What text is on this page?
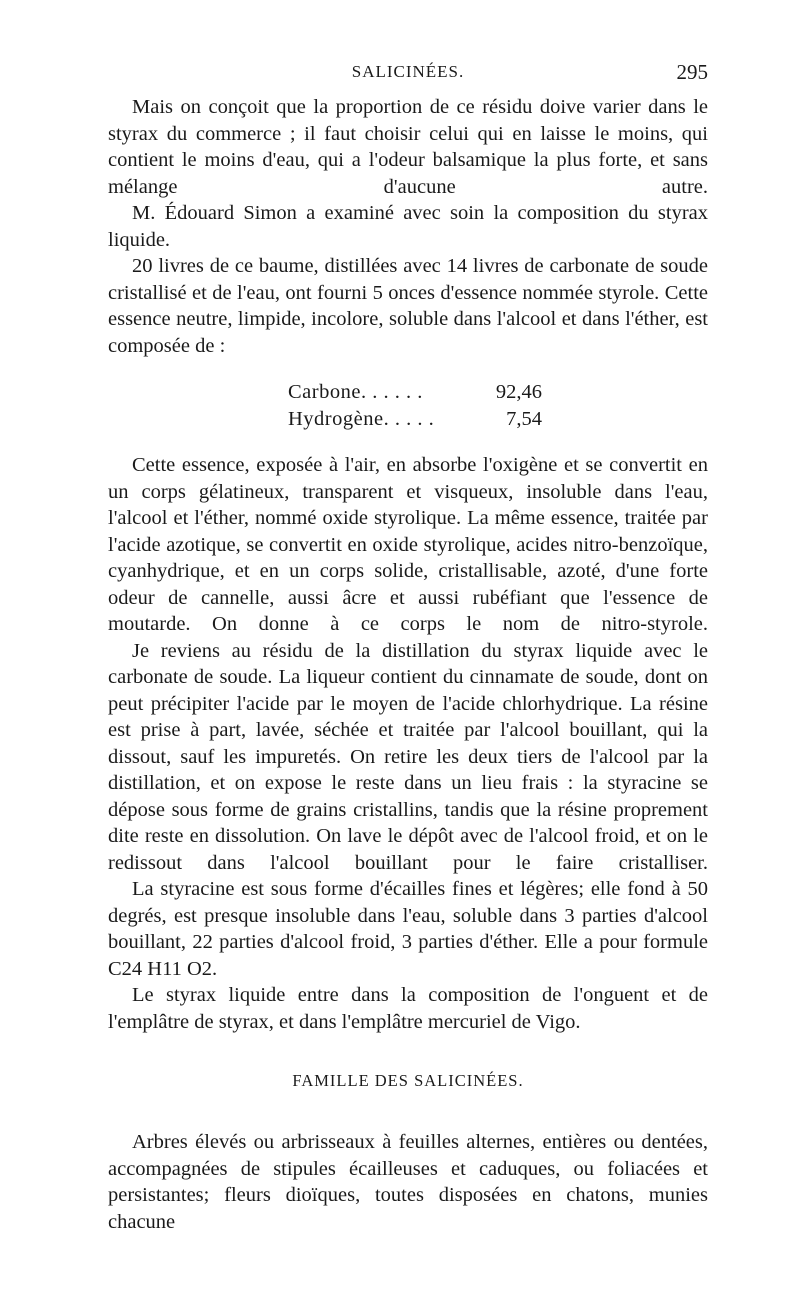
SALICINÉES.	295

Mais on conçoit que la proportion de ce résidu doive varier dans le styrax du commerce ; il faut choisir celui qui en laisse le moins, qui contient le moins d'eau, qui a l'odeur balsamique la plus forte, et sans mélange d'aucune autre.

M. Édouard Simon a examiné avec soin la composition du styrax liquide.

20 livres de ce baume, distillées avec 14 livres de carbonate de soude cristallisé et de l'eau, ont fourni 5 onces d'essence nommée styrole. Cette essence neutre, limpide, incolore, soluble dans l'alcool et dans l'éther, est composée de :

Carbone. . . . . .	92,46
Hydrogène. . . . .	7,54

Cette essence, exposée à l'air, en absorbe l'oxigène et se convertit en un corps gélatineux, transparent et visqueux, insoluble dans l'eau, l'alcool et l'éther, nommé oxide styrolique. La même essence, traitée par l'acide azotique, se convertit en oxide styrolique, acides nitro-benzoïque, cyanhydrique, et en un corps solide, cristallisable, azoté, d'une forte odeur de cannelle, aussi âcre et aussi rubéfiant que l'essence de moutarde. On donne à ce corps le nom de nitro-styrole.

Je reviens au résidu de la distillation du styrax liquide avec le carbonate de soude. La liqueur contient du cinnamate de soude, dont on peut précipiter l'acide par le moyen de l'acide chlorhydrique. La résine est prise à part, lavée, séchée et traitée par l'alcool bouillant, qui la dissout, sauf les impuretés. On retire les deux tiers de l'alcool par la distillation, et on expose le reste dans un lieu frais : la styracine se dépose sous forme de grains cristallins, tandis que la résine proprement dite reste en dissolution. On lave le dépôt avec de l'alcool froid, et on le redissout dans l'alcool bouillant pour le faire cristalliser.

La styracine est sous forme d'écailles fines et légères; elle fond à 50 degrés, est presque insoluble dans l'eau, soluble dans 3 parties d'alcool bouillant, 22 parties d'alcool froid, 3 parties d'éther. Elle a pour formule C24 H11 O2.

Le styrax liquide entre dans la composition de l'onguent et de l'emplâtre de styrax, et dans l'emplâtre mercuriel de Vigo.

FAMILLE DES SALICINÉES.

Arbres élevés ou arbrisseaux à feuilles alternes, entières ou dentées, accompagnées de stipules écailleuses et caduques, ou foliacées et persistantes; fleurs dioïques, toutes disposées en chatons, munies chacune
